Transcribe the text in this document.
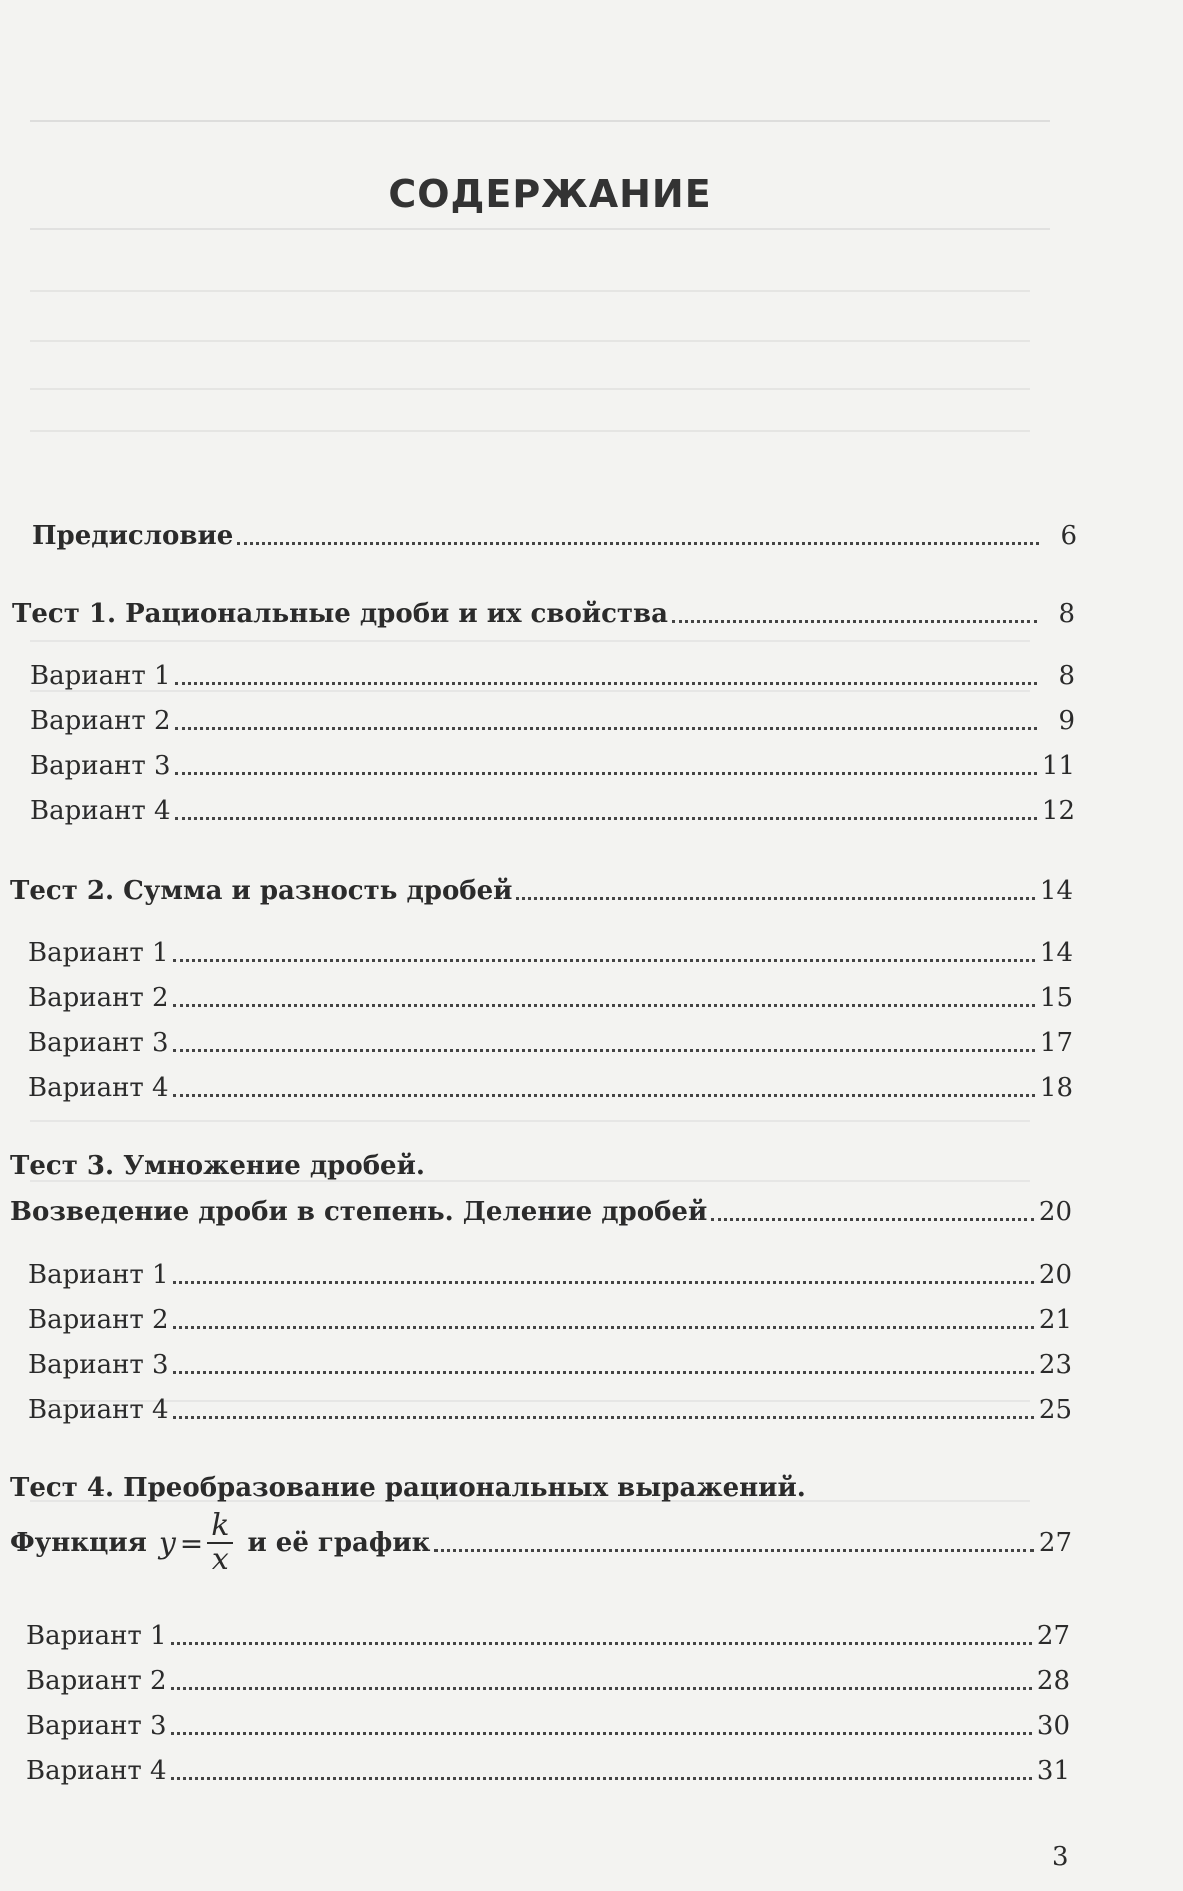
СОДЕРЖАНИЕ
Предисловие	6
Тест 1. Рациональные дроби и их свойства	8
Вариант 1	8
Вариант 2	9
Вариант 3	11
Вариант 4	12
Тест 2. Сумма и разность дробей	14
Вариант 1	14
Вариант 2	15
Вариант 3	17
Вариант 4	18
Тест 3. Умножение дробей.
Возведение дроби в степень. Деление дробей	20
Вариант 1	20
Вариант 2	21
Вариант 3	23
Вариант 4	25
Тест 4. Преобразование рациональных выражений.
Функция $y = \frac{k}{x}$ и её график	27
Вариант 1	27
Вариант 2	28
Вариант 3	30
Вариант 4	31
3
